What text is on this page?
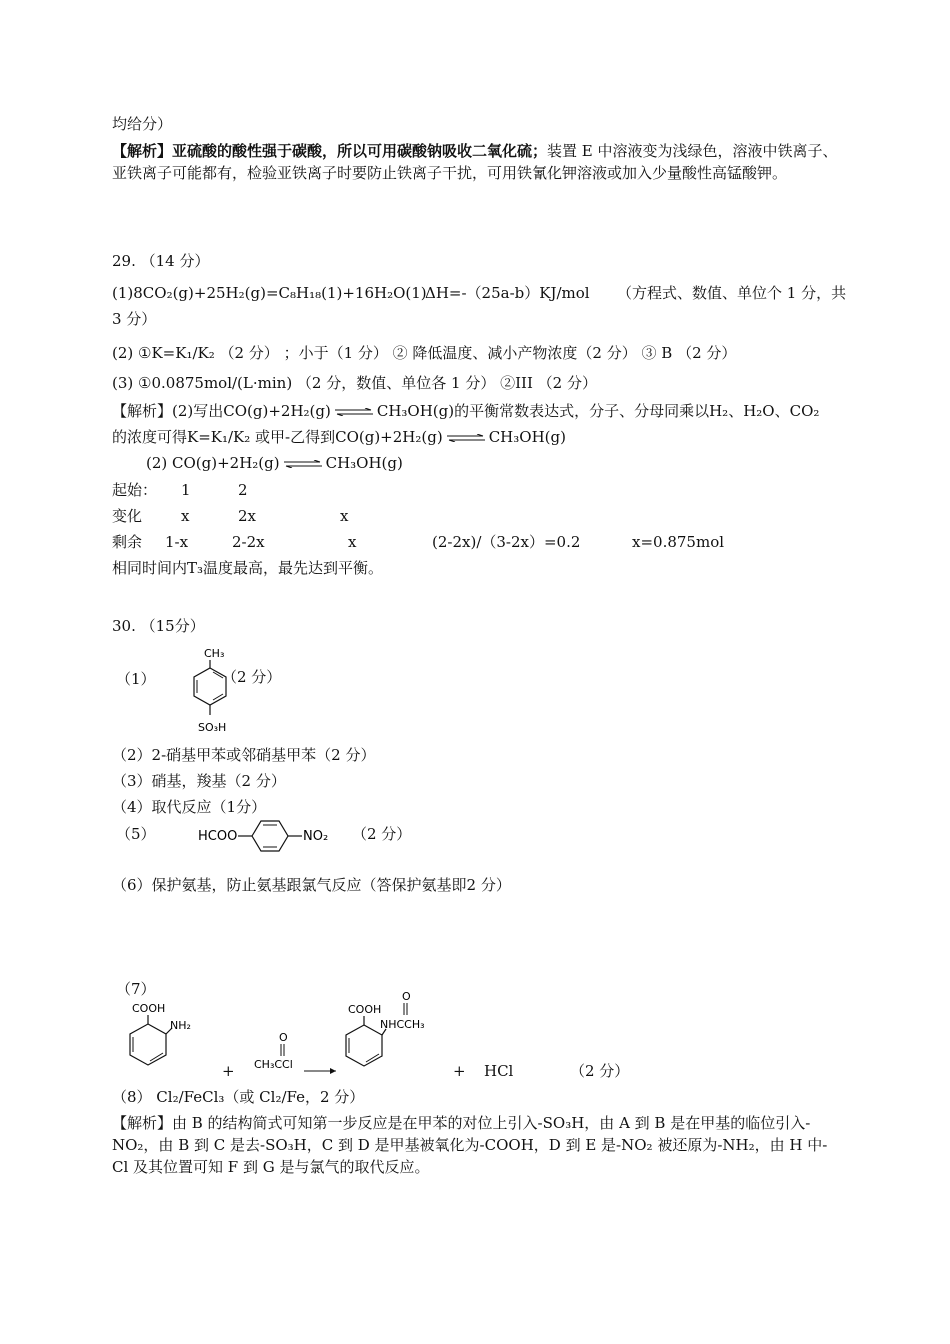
均给分）
【解析】亚硫酸的酸性强于碳酸，所以可用碳酸钠吸收二氧化硫；装置 E 中溶液变为浅绿色，溶液中铁离子、亚铁离子可能都有，检验亚铁离子时要防止铁离子干扰，可用铁氰化钾溶液或加入少量酸性高锰酸钾。
29. （14 分）
(1)8CO₂(g)+25H₂(g)=C₈H₁₈(1)+16H₂O(1)
ΔH=-（25a-b）KJ/mol （方程式、数值、单位个 1 分，共
3 分）
(2) ①K=K₁/K₂ （2 分） ；小于（1 分） ② 降低温度、减小产物浓度（2 分） ③ B （2 分）
(3) ①0.0875mol/(L·min) （2 分，数值、单位各 1 分） ②III （2 分）
【解析】(2)写出CO(g)+2H₂(g) ⇌ CH₃OH(g)的平衡常数表达式，分子、分母同乘以H₂、H₂O、CO₂
的浓度可得K=K₁/K₂ 或甲-乙得到CO(g)+2H₂(g) ⇌ CH₃OH(g)
(2) CO(g)+2H₂(g) ⇌ CH₃OH(g)
起始： 1	2
变化	x	2x	x
剩余 1-x	2-2x	x	(2-2x)/（3-2x）=0.2	x=0.875mol
相同时间内T₃温度最高，最先达到平衡。
30. （15分）
（1）
CH₃
SO₃H
（2 分）
（2）2-硝基甲苯或邻硝基甲苯（2 分）
（3）硝基，羧基（2 分）
（4）取代反应（1分）
（5）	HCOO	NO₂ （2 分）
（6）保护氨基，防止氨基跟氯气反应（答保护氨基即2 分）
（7）
COOH
NH₂
+
O
CH₃CCl
O
COOH
NHCCH₃
+ HCl	（2 分）
（8） Cl₂/FeCl₃（或 Cl₂/Fe，2 分）
【解析】由 B 的结构简式可知第一步反应是在甲苯的对位上引入-SO₃H，由 A 到 B 是在甲基的临位引入-NO₂，由 B 到 C 是去-SO₃H，C 到 D 是甲基被氧化为-COOH，D 到 E 是-NO₂ 被还原为-NH₂，由 H 中-Cl 及其位置可知 F 到 G 是与氯气的取代反应。
